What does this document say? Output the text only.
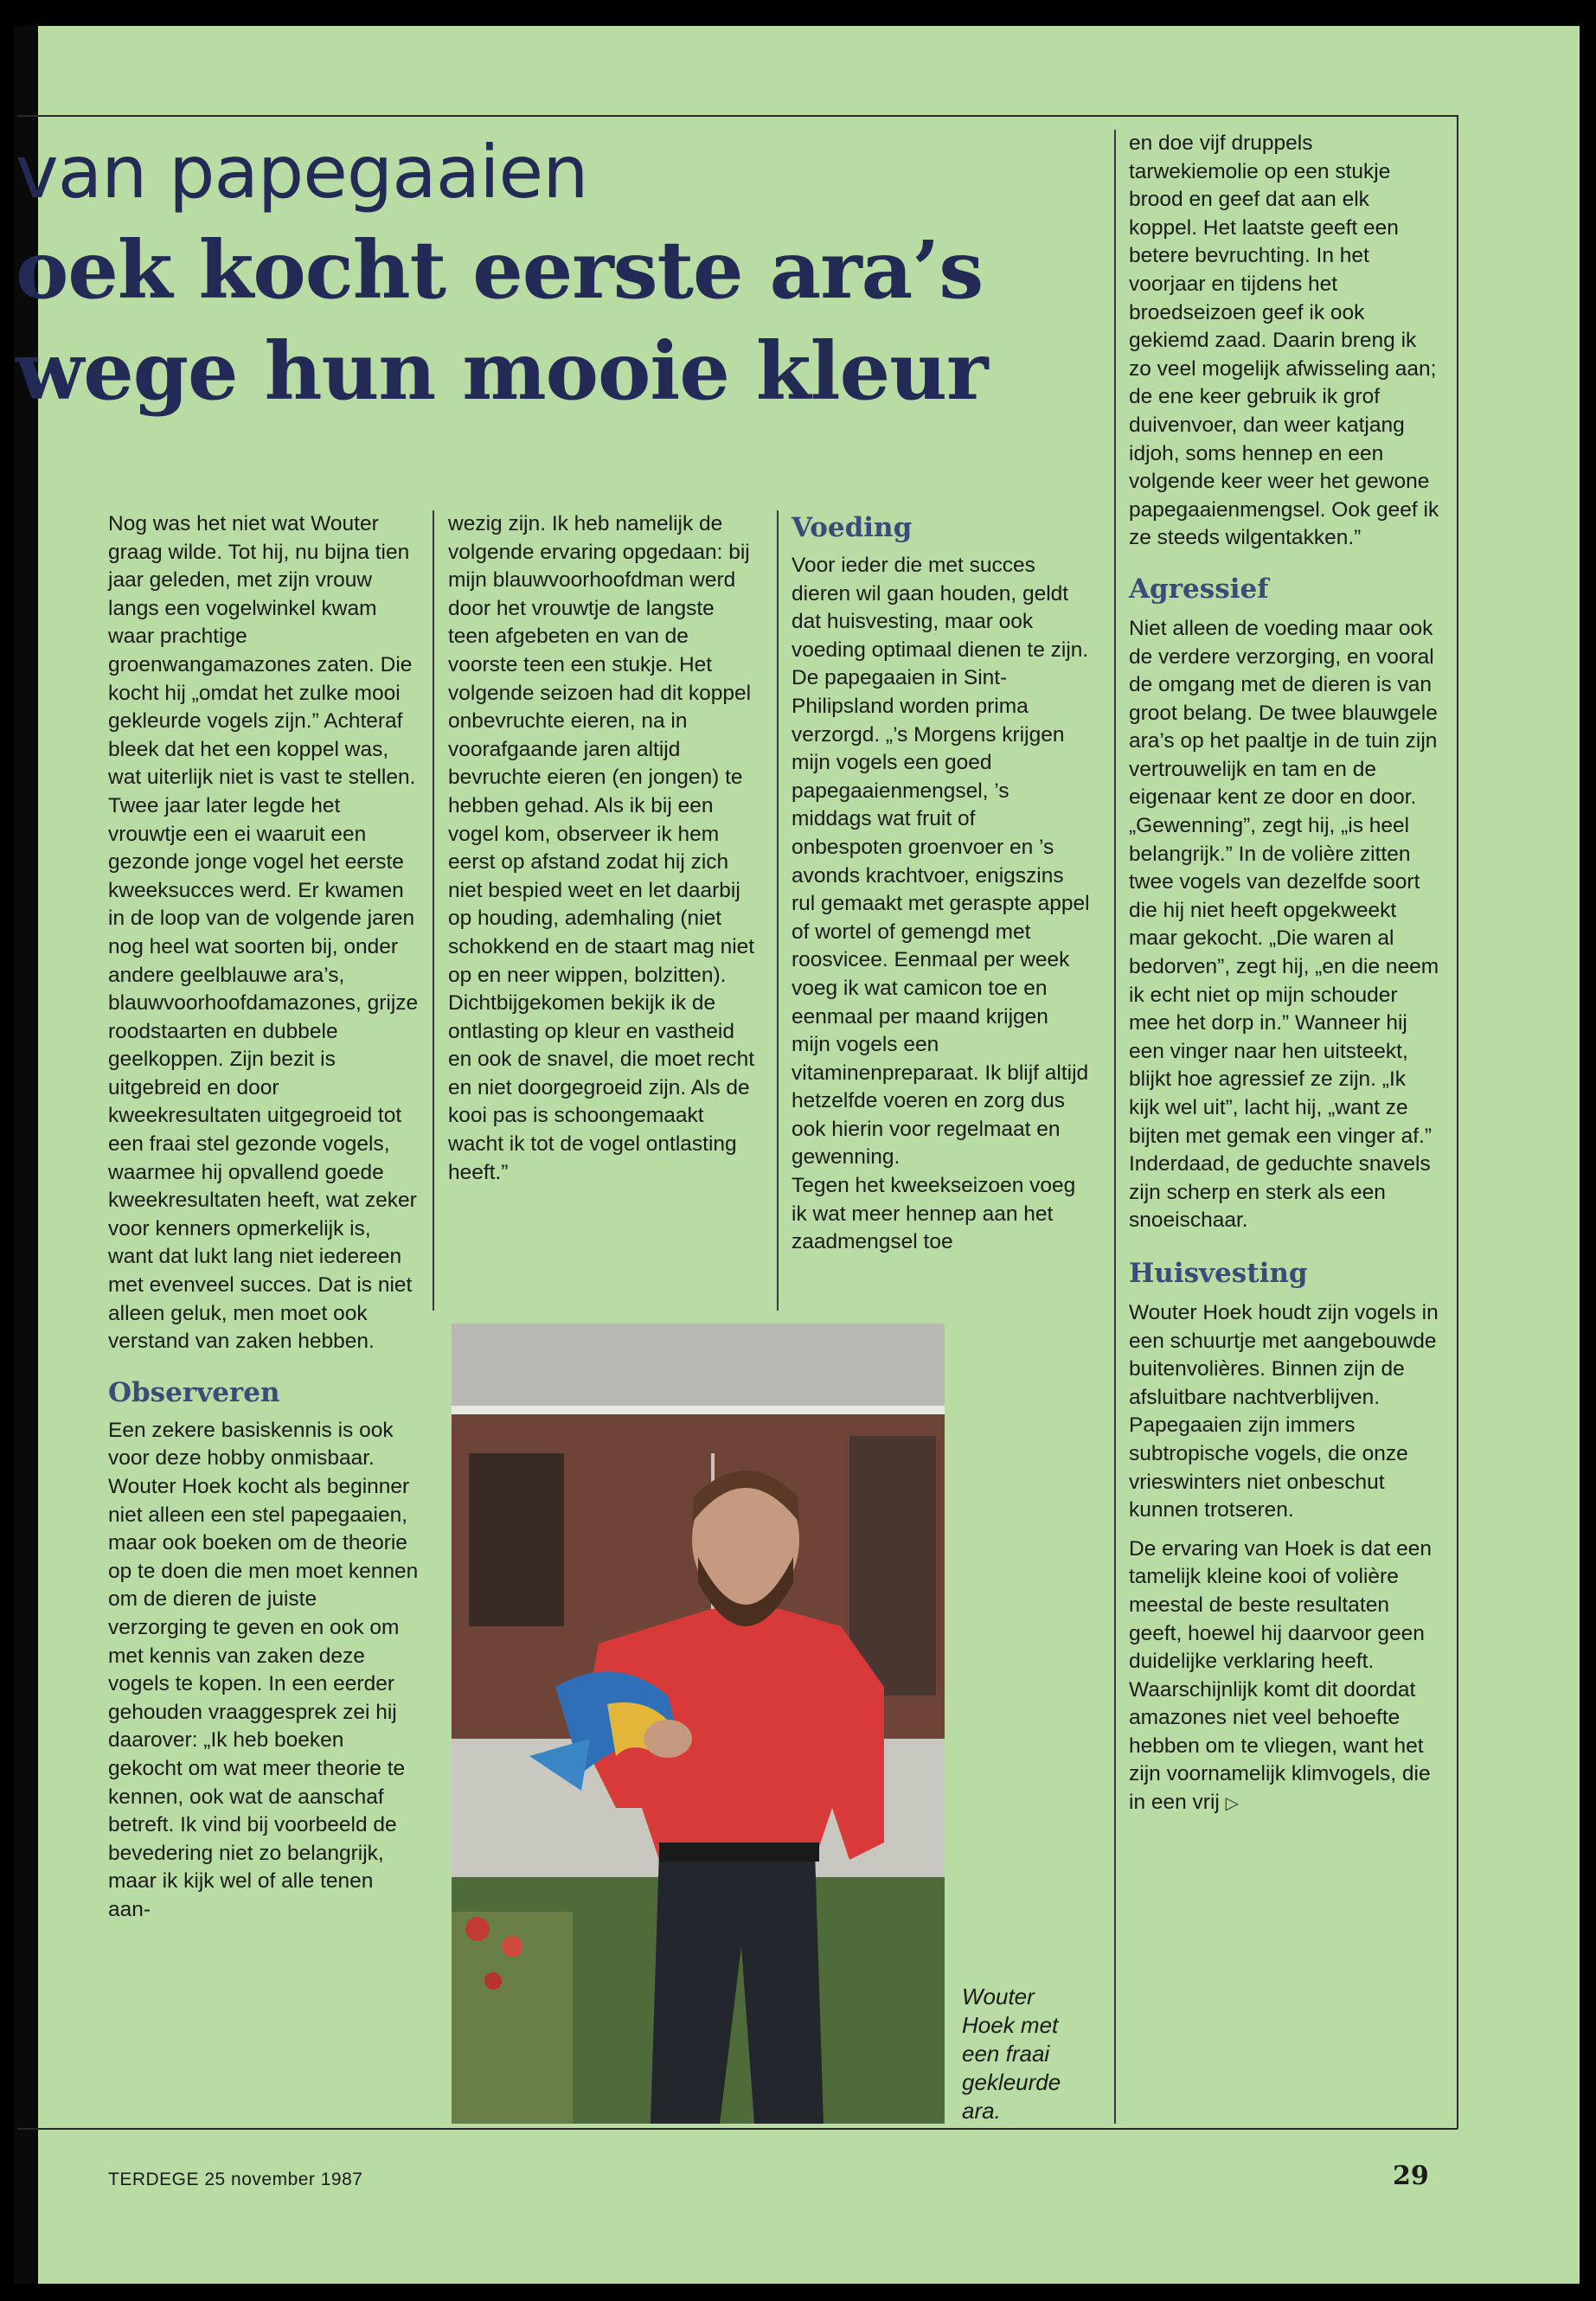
van papegaaien
oek kocht eerste ara’s
wege hun mooie kleur

Nog was het niet wat Wouter graag wilde. Tot hij, nu bijna tien jaar geleden, met zijn vrouw langs een vogelwinkel kwam waar prachtige groenwangamazones zaten. Die kocht hij „omdat het zulke mooi gekleurde vogels zijn.” Achteraf bleek dat het een koppel was, wat uiterlijk niet is vast te stellen. Twee jaar later legde het vrouwtje een ei waaruit een gezonde jonge vogel het eerste kweeksucces werd. Er kwamen in de loop van de volgende jaren nog heel wat soorten bij, onder andere geelblauwe ara’s, blauwvoorhoofdamazones, grijze roodstaarten en dubbele geelkoppen. Zijn bezit is uitgebreid en door kweekresultaten uitgegroeid tot een fraai stel gezonde vogels, waarmee hij opvallend goede kweekresultaten heeft, wat zeker voor kenners opmerkelijk is, want dat lukt lang niet iedereen met evenveel succes. Dat is niet alleen geluk, men moet ook verstand van zaken hebben.

Observeren

Een zekere basiskennis is ook voor deze hobby onmisbaar. Wouter Hoek kocht als beginner niet alleen een stel papegaaien, maar ook boeken om de theorie op te doen die men moet kennen om de dieren de juiste verzorging te geven en ook om met kennis van zaken deze vogels te kopen. In een eerder gehouden vraaggesprek zei hij daarover: „Ik heb boeken gekocht om wat meer theorie te kennen, ook wat de aanschaf betreft. Ik vind bij voorbeeld de bevedering niet zo belangrijk, maar ik kijk wel of alle tenen aan-

wezig zijn. Ik heb namelijk de volgende ervaring opgedaan: bij mijn blauwvoorhoofdman werd door het vrouwtje de langste teen afgebeten en van de voorste teen een stukje. Het volgende seizoen had dit koppel onbevruchte eieren, na in voorafgaande jaren altijd bevruchte eieren (en jongen) te hebben gehad. Als ik bij een vogel kom, observeer ik hem eerst op afstand zodat hij zich niet bespied weet en let daarbij op houding, ademhaling (niet schokkend en de staart mag niet op en neer wippen, bolzitten). Dichtbijgekomen bekijk ik de ontlasting op kleur en vastheid en ook de snavel, die moet recht en niet doorgegroeid zijn. Als de kooi pas is schoongemaakt wacht ik tot de vogel ontlasting heeft.”

Voeding

Voor ieder die met succes dieren wil gaan houden, geldt dat huisvesting, maar ook voeding optimaal dienen te zijn. De papegaaien in Sint-Philipsland worden prima verzorgd. „’s Morgens krijgen mijn vogels een goed papegaaienmengsel, ’s middags wat fruit of onbespoten groenvoer en ’s avonds krachtvoer, enigszins rul gemaakt met geraspte appel of wortel of gemengd met roosvicee. Eenmaal per week voeg ik wat camicon toe en eenmaal per maand krijgen mijn vogels een vitaminenpreparaat. Ik blijf altijd hetzelfde voeren en zorg dus ook hierin voor regelmaat en gewenning.

Tegen het kweekseizoen voeg ik wat meer hennep aan het zaadmengsel toe

en doe vijf druppels tarwekiemolie op een stukje brood en geef dat aan elk koppel. Het laatste geeft een betere bevruchting. In het voorjaar en tijdens het broedseizoen geef ik ook gekiemd zaad. Daarin breng ik zo veel mogelijk afwisseling aan; de ene keer gebruik ik grof duivenvoer, dan weer katjang idjoh, soms hennep en een volgende keer weer het gewone papegaaienmengsel. Ook geef ik ze steeds wilgentakken.”

Agressief

Niet alleen de voeding maar ook de verdere verzorging, en vooral de omgang met de dieren is van groot belang. De twee blauwgele ara’s op het paaltje in de tuin zijn vertrouwelijk en tam en de eigenaar kent ze door en door. „Gewenning”, zegt hij, „is heel belangrijk.” In de volière zitten twee vogels van dezelfde soort die hij niet heeft opgekweekt maar gekocht. „Die waren al bedorven”, zegt hij, „en die neem ik echt niet op mijn schouder mee het dorp in.” Wanneer hij een vinger naar hen uitsteekt, blijkt hoe agressief ze zijn. „Ik kijk wel uit”, lacht hij, „want ze bijten met gemak een vinger af.” Inderdaad, de geduchte snavels zijn scherp en sterk als een snoeischaar.

Huisvesting

Wouter Hoek houdt zijn vogels in een schuurtje met aangebouwde buitenvolières. Binnen zijn de afsluitbare nachtverblijven. Papegaaien zijn immers subtropische vogels, die onze vrieswinters niet onbeschut kunnen trotseren.

De ervaring van Hoek is dat een tamelijk kleine kooi of volière meestal de beste resultaten geeft, hoewel hij daarvoor geen duidelijke verklaring heeft. Waarschijnlijk komt dit doordat amazones niet veel behoefte hebben om te vliegen, want het zijn voornamelijk klimvogels, die in een vrij ▷

Wouter Hoek met een fraai gekleurde ara.
TERDEGE 25 november 1987	29
